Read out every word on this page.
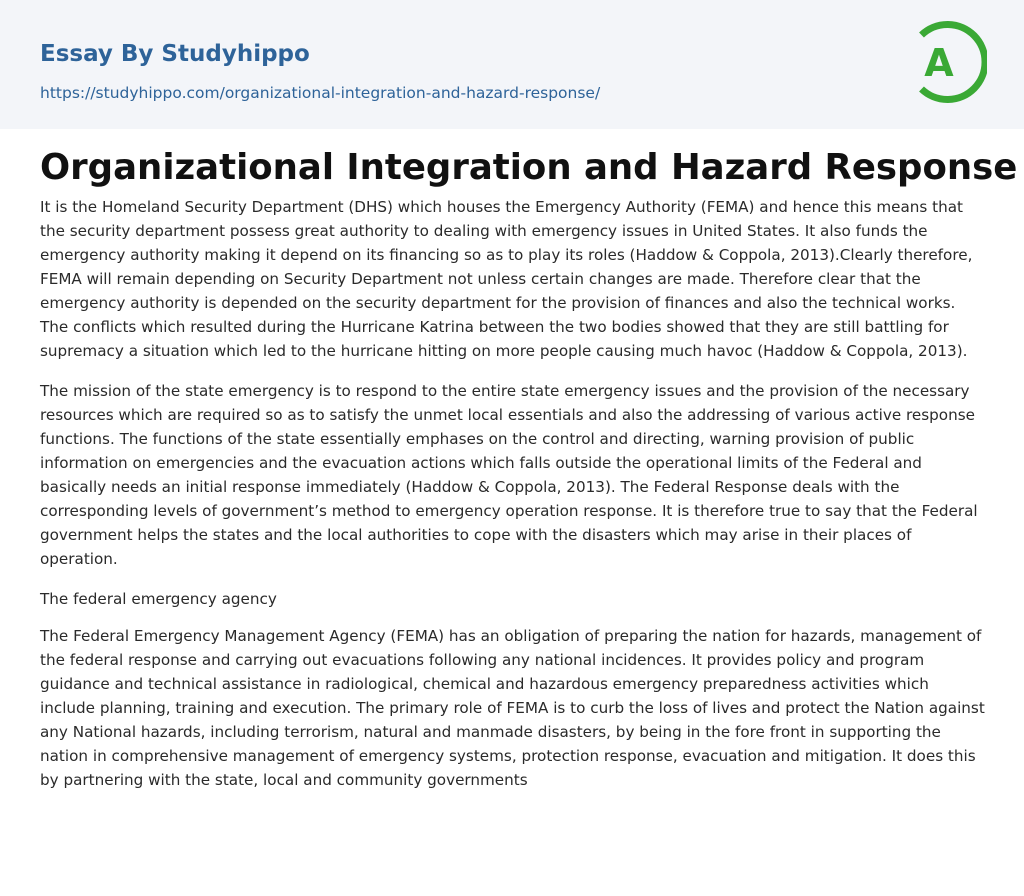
Essay By Studyhippo
https://studyhippo.com/organizational-integration-and-hazard-response/
A
Organizational Integration and Hazard Response

It is the Homeland Security Department (DHS) which houses the Emergency Authority (FEMA) and hence this means that the security department possess great authority to dealing with emergency issues in United States. It also funds the emergency authority making it depend on its financing so as to play its roles (Haddow & Coppola, 2013).Clearly therefore, FEMA will remain depending on Security Department not unless certain changes are made. Therefore clear that the emergency authority is depended on the security department for the provision of finances and also the technical works. The conflicts which resulted during the Hurricane Katrina between the two bodies showed that they are still battling for supremacy a situation which led to the hurricane hitting on more people causing much havoc (Haddow & Coppola, 2013).

The mission of the state emergency is to respond to the entire state emergency issues and the provision of the necessary resources which are required so as to satisfy the unmet local essentials and also the addressing of various active response functions. The functions of the state essentially emphases on the control and directing, warning provision of public information on emergencies and the evacuation actions which falls outside the operational limits of the Federal and basically needs an initial response immediately (Haddow & Coppola, 2013). The Federal Response deals with the corresponding levels of government’s method to emergency operation response. It is therefore true to say that the Federal government helps the states and the local authorities to cope with the disasters which may arise in their places of operation.

The federal emergency agency

The Federal Emergency Management Agency (FEMA) has an obligation of preparing the nation for hazards, management of the federal response and carrying out evacuations following any national incidences. It provides policy and program guidance and technical assistance in radiological, chemical and hazardous emergency preparedness activities which include planning, training and execution. The primary role of FEMA is to curb the loss of lives and protect the Nation against any National hazards, including terrorism, natural and manmade disasters, by being in the fore front in supporting the nation in comprehensive management of emergency systems, protection response, evacuation and mitigation. It does this by partnering with the state, local and community governments
